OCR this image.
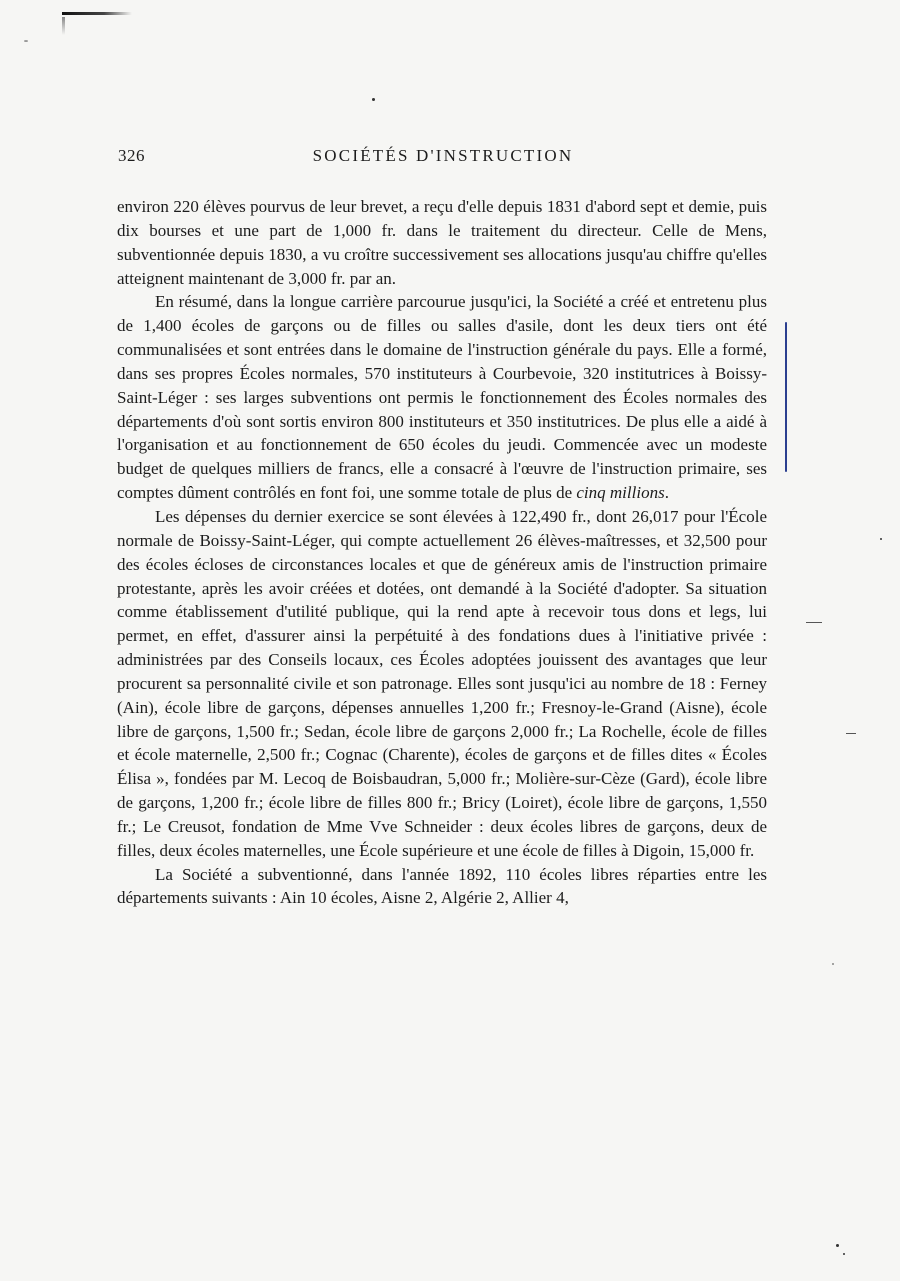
326	SOCIÉTÉS D'INSTRUCTION

environ 220 élèves pourvus de leur brevet, a reçu d'elle depuis 1831 d'abord sept et demie, puis dix bourses et une part de 1,000 fr. dans le traitement du directeur. Celle de Mens, subventionnée depuis 1830, a vu croître successivement ses allocations jusqu'au chiffre qu'elles atteignent maintenant de 3,000 fr. par an.

En résumé, dans la longue carrière parcourue jusqu'ici, la Société a créé et entretenu plus de 1,400 écoles de garçons ou de filles ou salles d'asile, dont les deux tiers ont été communalisées et sont entrées dans le domaine de l'instruction générale du pays. Elle a formé, dans ses propres Écoles normales, 570 instituteurs à Courbevoie, 320 institutrices à Boissy-Saint-Léger : ses larges subventions ont permis le fonctionnement des Écoles normales des départements d'où sont sortis environ 800 instituteurs et 350 institutrices. De plus elle a aidé à l'organisation et au fonctionnement de 650 écoles du jeudi. Commencée avec un modeste budget de quelques milliers de francs, elle a consacré à l'œuvre de l'instruction primaire, ses comptes dûment contrôlés en font foi, une somme totale de plus de cinq millions.

Les dépenses du dernier exercice se sont élevées à 122,490 fr., dont 26,017 pour l'École normale de Boissy-Saint-Léger, qui compte actuellement 26 élèves-maîtresses, et 32,500 pour des écoles écloses de circonstances locales et que de généreux amis de l'instruction primaire protestante, après les avoir créées et dotées, ont demandé à la Société d'adopter. Sa situation comme établissement d'utilité publique, qui la rend apte à recevoir tous dons et legs, lui permet, en effet, d'assurer ainsi la perpétuité à des fondations dues à l'initiative privée : administrées par des Conseils locaux, ces Écoles adoptées jouissent des avantages que leur procurent sa personnalité civile et son patronage. Elles sont jusqu'ici au nombre de 18 : Ferney (Ain), école libre de garçons, dépenses annuelles 1,200 fr.; Fresnoy-le-Grand (Aisne), école libre de garçons, 1,500 fr.; Sedan, école libre de garçons 2,000 fr.; La Rochelle, école de filles et école maternelle, 2,500 fr.; Cognac (Charente), écoles de garçons et de filles dites « Écoles Élisa », fondées par M. Lecoq de Boisbaudran, 5,000 fr.; Molière-sur-Cèze (Gard), école libre de garçons, 1,200 fr.; école libre de filles 800 fr.; Bricy (Loiret), école libre de garçons, 1,550 fr.; Le Creusot, fondation de Mme Vve Schneider : deux écoles libres de garçons, deux de filles, deux écoles maternelles, une École supérieure et une école de filles à Digoin, 15,000 fr.

La Société a subventionné, dans l'année 1892, 110 écoles libres réparties entre les départements suivants : Ain 10 écoles, Aisne 2, Algérie 2, Allier 4,
